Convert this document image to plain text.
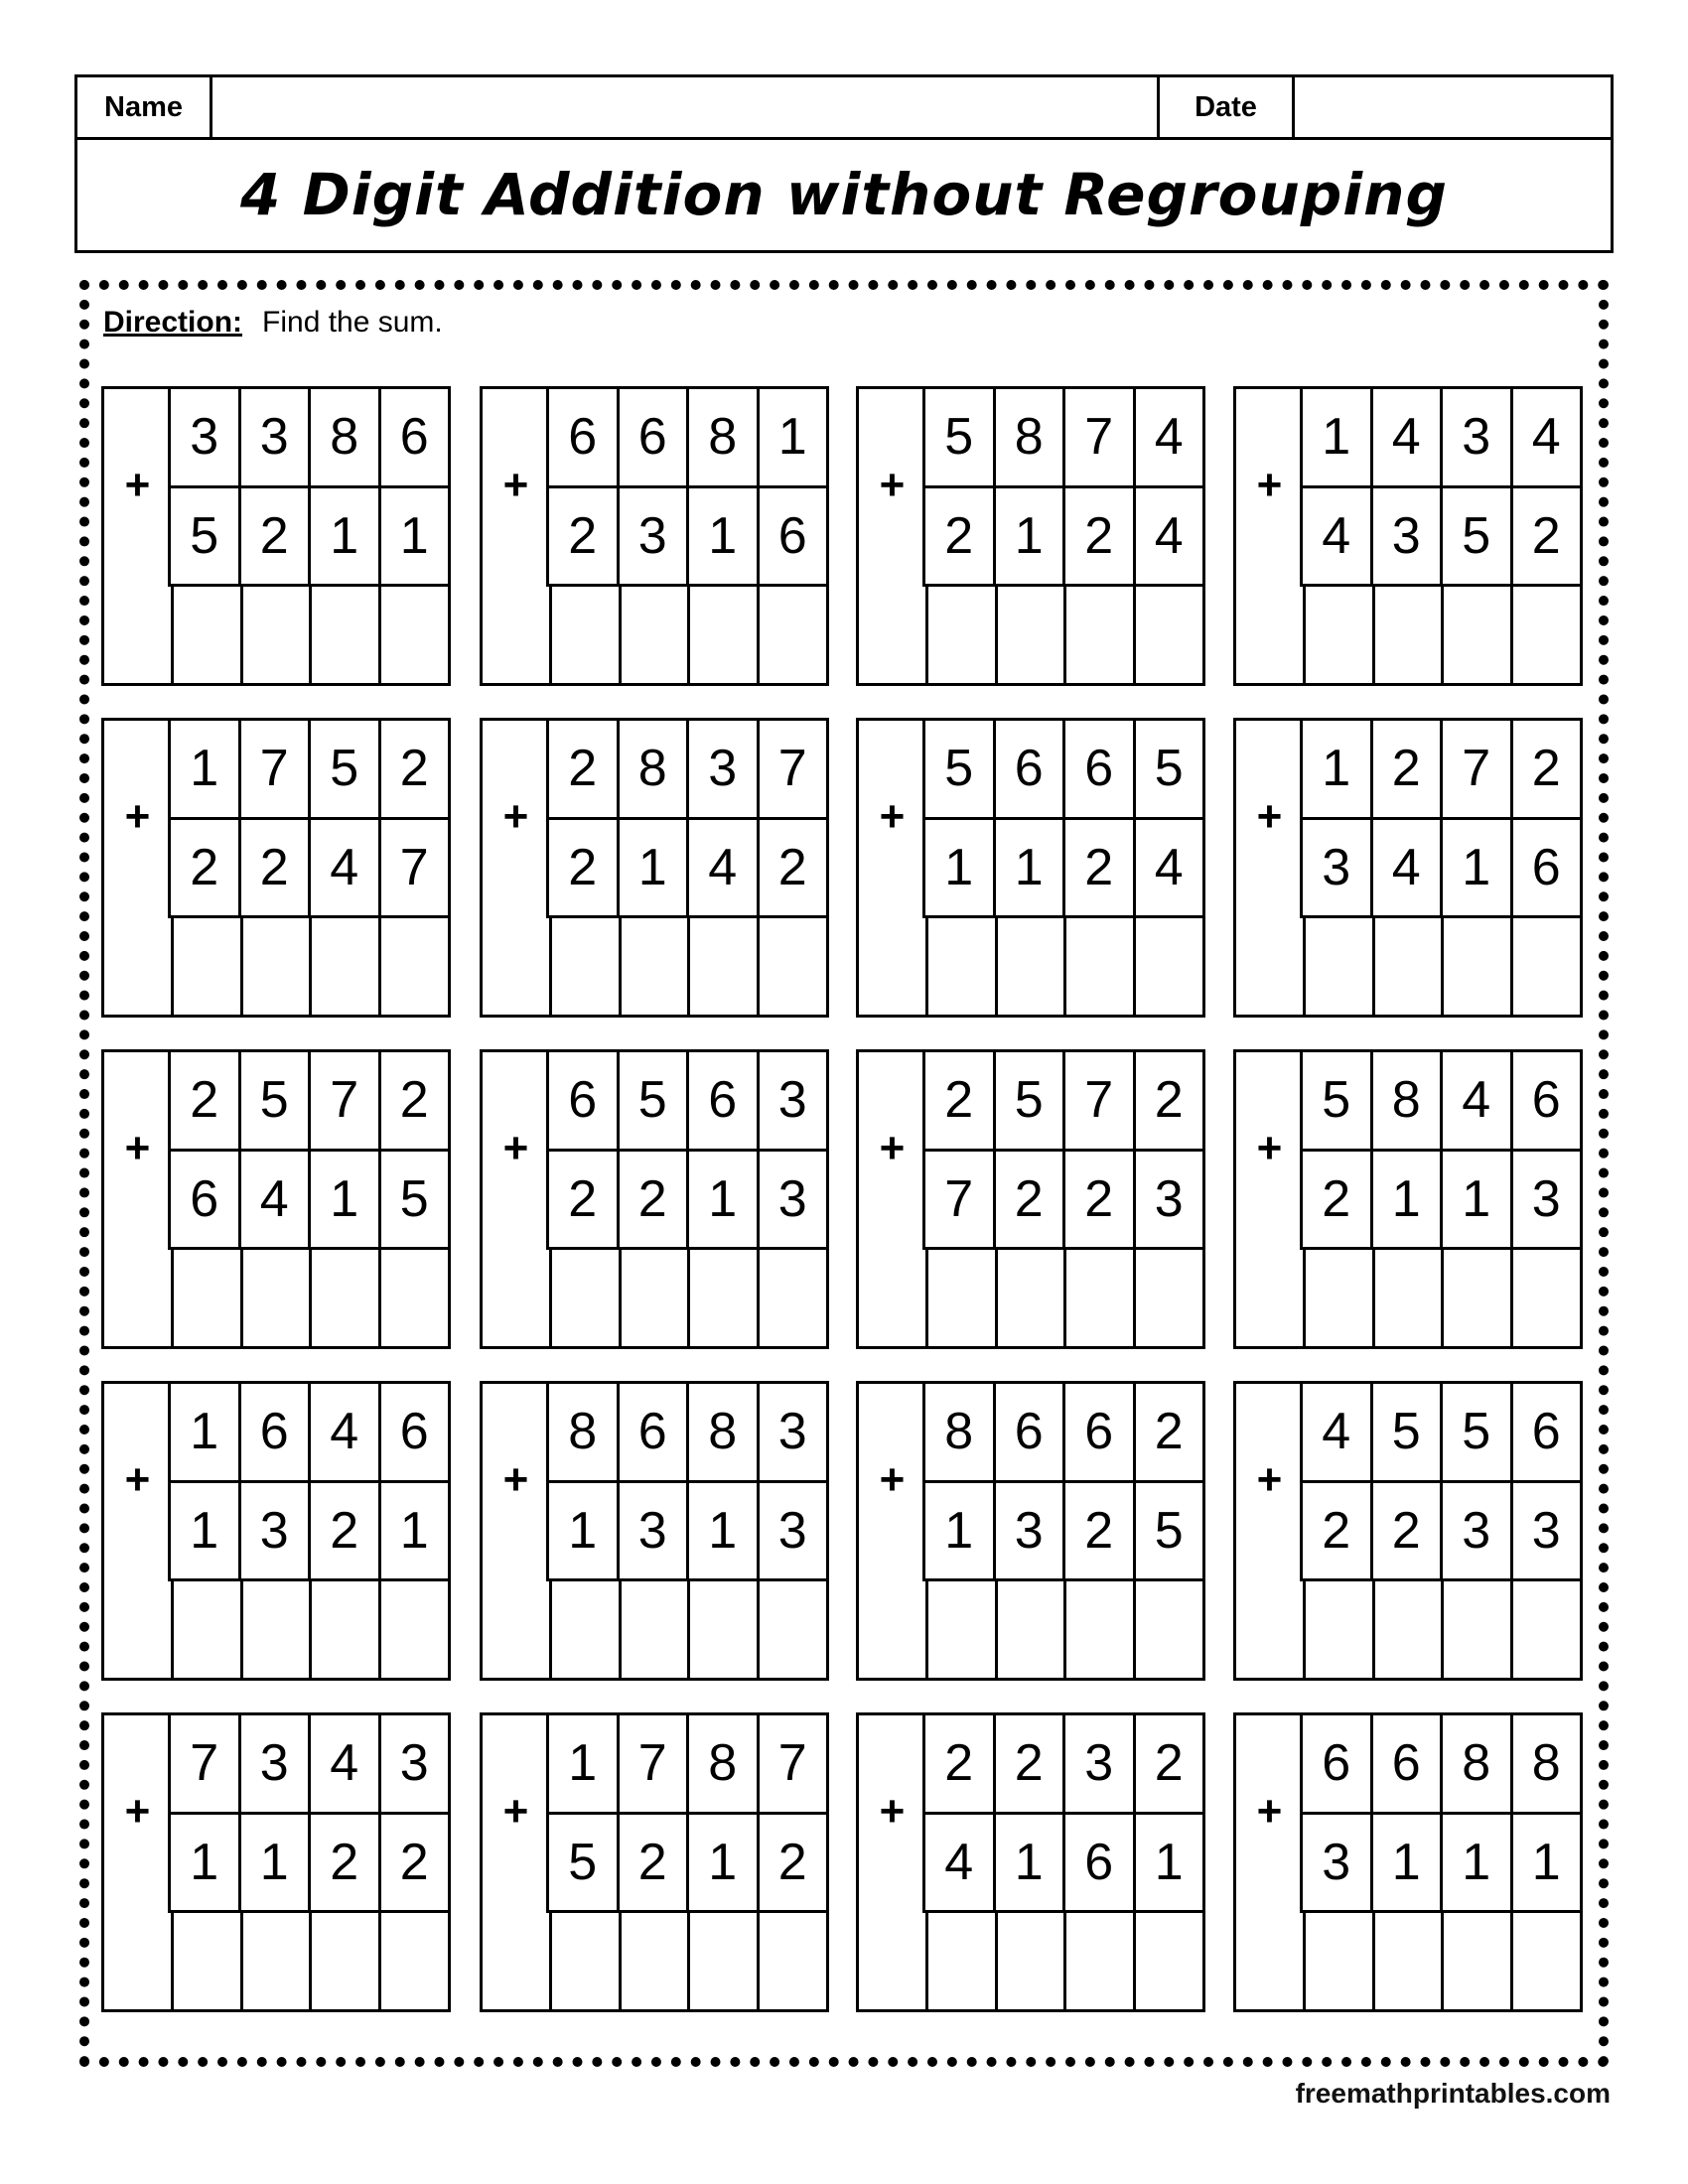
Name	Date
4 Digit Addition without Regrouping
Direction: Find the sum.
+
3 3 8 6
5 2 1 1
+
6 6 8 1
2 3 1 6
+
5 8 7 4
2 1 2 4
+
1 4 3 4
4 3 5 2
+
1 7 5 2
2 2 4 7
+
2 8 3 7
2 1 4 2
+
5 6 6 5
1 1 2 4
+
1 2 7 2
3 4 1 6
+
2 5 7 2
6 4 1 5
+
6 5 6 3
2 2 1 3
+
2 5 7 2
7 2 2 3
+
5 8 4 6
2 1 1 3
+
1 6 4 6
1 3 2 1
+
8 6 8 3
1 3 1 3
+
8 6 6 2
1 3 2 5
+
4 5 5 6
2 2 3 3
+
7 3 4 3
1 1 2 2
+
1 7 8 7
5 2 1 2
+
2 2 3 2
4 1 6 1
+
6 6 8 8
3 1 1 1
freemathprintables.com
